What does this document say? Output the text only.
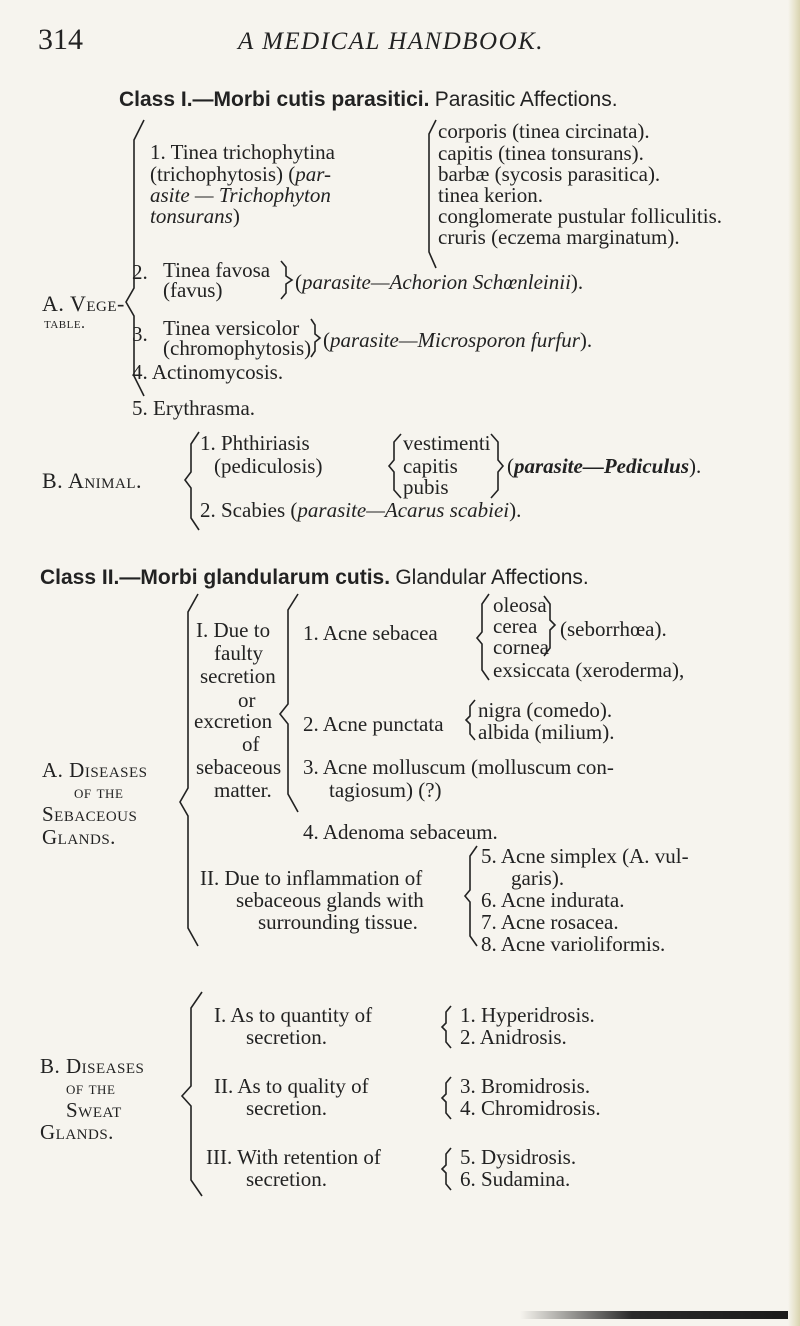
314	A MEDICAL HANDBOOK.
Class I.—Morbi cutis parasitici. Parasitic Affections.
A. Vege-
table.
1. Tinea trichophytina
(trichophytosis) (par-
asite — Trichophyton
tonsurans)
corporis (tinea circinata).
capitis (tinea tonsurans).
barbæ (sycosis parasitica).
tinea kerion.
conglomerate pustular folliculitis.
cruris (eczema marginatum).
2. Tinea favosa
(favus)	(parasite—Achorion Schœnleinii).
3. Tinea versicolor
(chromophytosis) (parasite—Microsporon furfur).
4. Actinomycosis.
5. Erythrasma.
B. Animal.
1. Phthiriasis
(pediculosis)
vestimenti
capitis
pubis
(parasite—Pediculus).
2. Scabies (parasite—Acarus scabiei).
Class II.—Morbi glandularum cutis. Glandular Affections.
A. Diseases
of the
Sebaceous
Glands.
I. Due to
faulty
secretion
or
excretion
of
sebaceous
matter.
1. Acne sebacea
oleosa
cerea
cornea
(seborrhœa).
exsiccata (xeroderma),
2. Acne punctata
nigra (comedo).
albida (milium).
3. Acne molluscum (molluscum con-
tagiosum) (?)
4. Adenoma sebaceum.
II. Due to inflammation of
sebaceous glands with
surrounding tissue.
5. Acne simplex (A. vul-
garis).
6. Acne indurata.
7. Acne rosacea.
8. Acne varioliformis.
B. Diseases
of the
Sweat
Glands.
I. As to quantity of
secretion.
1. Hyperidrosis.
2. Anidrosis.
II. As to quality of
secretion.
3. Bromidrosis.
4. Chromidrosis.
III. With retention of
secretion.
5. Dysidrosis.
6. Sudamina.
